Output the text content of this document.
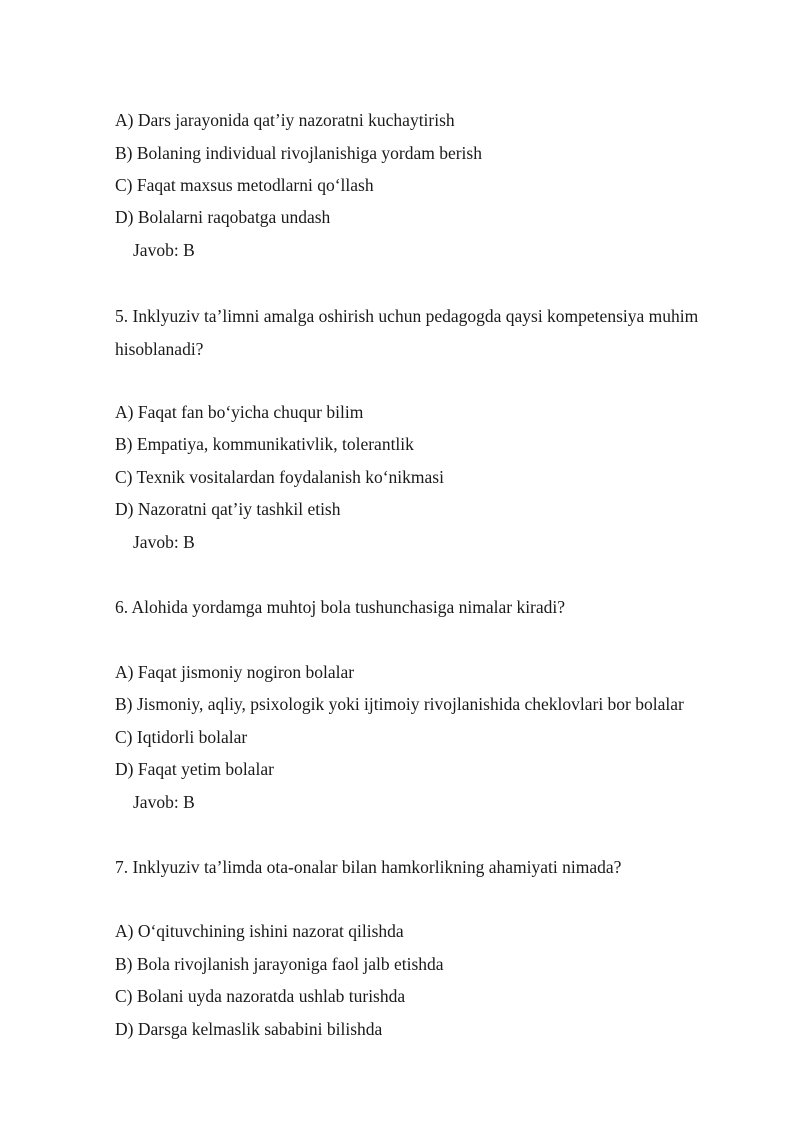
A) Dars jarayonida qat’iy nazoratni kuchaytirish
B) Bolaning individual rivojlanishiga yordam berish
C) Faqat maxsus metodlarni qo‘llash
D) Bolalarni raqobatga undash
Javob: B
5. Inklyuziv ta’limni amalga oshirish uchun pedagogda qaysi kompetensiya muhim
hisoblanadi?
A) Faqat fan bo‘yicha chuqur bilim
B) Empatiya, kommunikativlik, tolerantlik
C) Texnik vositalardan foydalanish ko‘nikmasi
D) Nazoratni qat’iy tashkil etish
Javob: B
6. Alohida yordamga muhtoj bola tushunchasiga nimalar kiradi?
A) Faqat jismoniy nogiron bolalar
B) Jismoniy, aqliy, psixologik yoki ijtimoiy rivojlanishida cheklovlari bor bolalar
C) Iqtidorli bolalar
D) Faqat yetim bolalar
Javob: B
7. Inklyuziv ta’limda ota-onalar bilan hamkorlikning ahamiyati nimada?
A) O‘qituvchining ishini nazorat qilishda
B) Bola rivojlanish jarayoniga faol jalb etishda
C) Bolani uyda nazoratda ushlab turishda
D) Darsga kelmaslik sababini bilishda
